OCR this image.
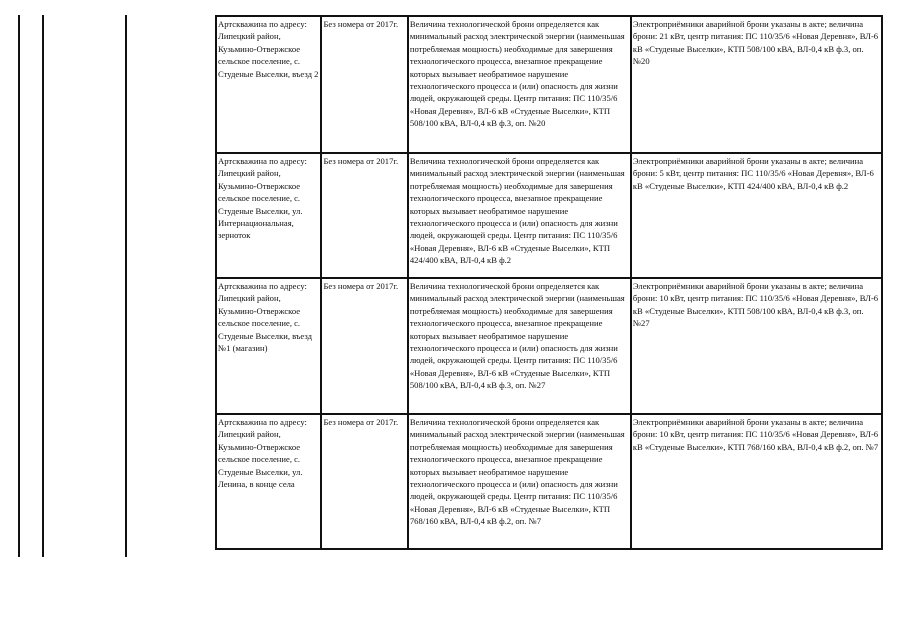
Артскважина по адресу: Липецкий район, Кузьмино-Отвержское сельское поселение, с. Студеные Выселки, въезд 2	Без номера от 2017г.	Величина технологической брони определяется как минимальный расход электрической энергии (наименьшая потребляемая мощность) необходимые для завершения технологического процесса, внезапное прекращение которых вызывает необратимое нарушение технологического процесса и (или) опасность для жизни людей, окружающей среды. Центр питания: ПС 110/35/6 «Новая Деревня», ВЛ-6 кВ «Студеные Выселки», КТП 508/100 кВА, ВЛ-0,4 кВ ф.3, оп. №20	Электроприёмники аварийной брони указаны в акте; величина брони: 21 кВт, центр питания: ПС 110/35/6 «Новая Деревня», ВЛ-6 кВ «Студеные Выселки», КТП 508/100 кВА, ВЛ-0,4 кВ ф.3, оп. №20
Артскважина по адресу: Липецкий район, Кузьмино-Отвержское сельское поселение, с. Студеные Выселки, ул. Интернациональная, зерноток	Без номера от 2017г.	Величина технологической брони определяется как минимальный расход электрической энергии (наименьшая потребляемая мощность) необходимые для завершения технологического процесса, внезапное прекращение которых вызывает необратимое нарушение технологического процесса и (или) опасность для жизни людей, окружающей среды. Центр питания: ПС 110/35/6 «Новая Деревня», ВЛ-6 кВ «Студеные Выселки», КТП 424/400 кВА, ВЛ-0,4 кВ ф.2	Электроприёмники аварийной брони указаны в акте; величина брони: 5 кВт, центр питания: ПС 110/35/6 «Новая Деревня», ВЛ-6 кВ «Студеные Выселки», КТП 424/400 кВА, ВЛ-0,4 кВ ф.2
Артскважина по адресу: Липецкий район, Кузьмино-Отвержское сельское поселение, с. Студеные Выселки, въезд №1 (магазин)	Без номера от 2017г.	Величина технологической брони определяется как минимальный расход электрической энергии (наименьшая потребляемая мощность) необходимые для завершения технологического процесса, внезапное прекращение которых вызывает необратимое нарушение технологического процесса и (или) опасность для жизни людей, окружающей среды. Центр питания: ПС 110/35/6 «Новая Деревня», ВЛ-6 кВ «Студеные Выселки», КТП 508/100 кВА, ВЛ-0,4 кВ ф.3, оп. №27	Электроприёмники аварийной брони указаны в акте; величина брони: 10 кВт, центр питания: ПС 110/35/6 «Новая Деревня», ВЛ-6 кВ «Студеные Выселки», КТП 508/100 кВА, ВЛ-0,4 кВ ф.3, оп. №27
Артскважина по адресу: Липецкий район, Кузьмино-Отвержское сельское поселение, с. Студеные Выселки, ул. Ленина, в конце села	Без номера от 2017г.	Величина технологической брони определяется как минимальный расход электрической энергии (наименьшая потребляемая мощность) необходимые для завершения технологического процесса, внезапное прекращение которых вызывает необратимое нарушение технологического процесса и (или) опасность для жизни людей, окружающей среды. Центр питания: ПС 110/35/6 «Новая Деревня», ВЛ-6 кВ «Студеные Выселки», КТП 768/160 кВА, ВЛ-0,4 кВ ф.2, оп. №7	Электроприёмники аварийной брони указаны в акте; величина брони: 10 кВт, центр питания: ПС 110/35/6 «Новая Деревня», ВЛ-6 кВ «Студеные Выселки», КТП 768/160 кВА, ВЛ-0,4 кВ ф.2, оп. №7
